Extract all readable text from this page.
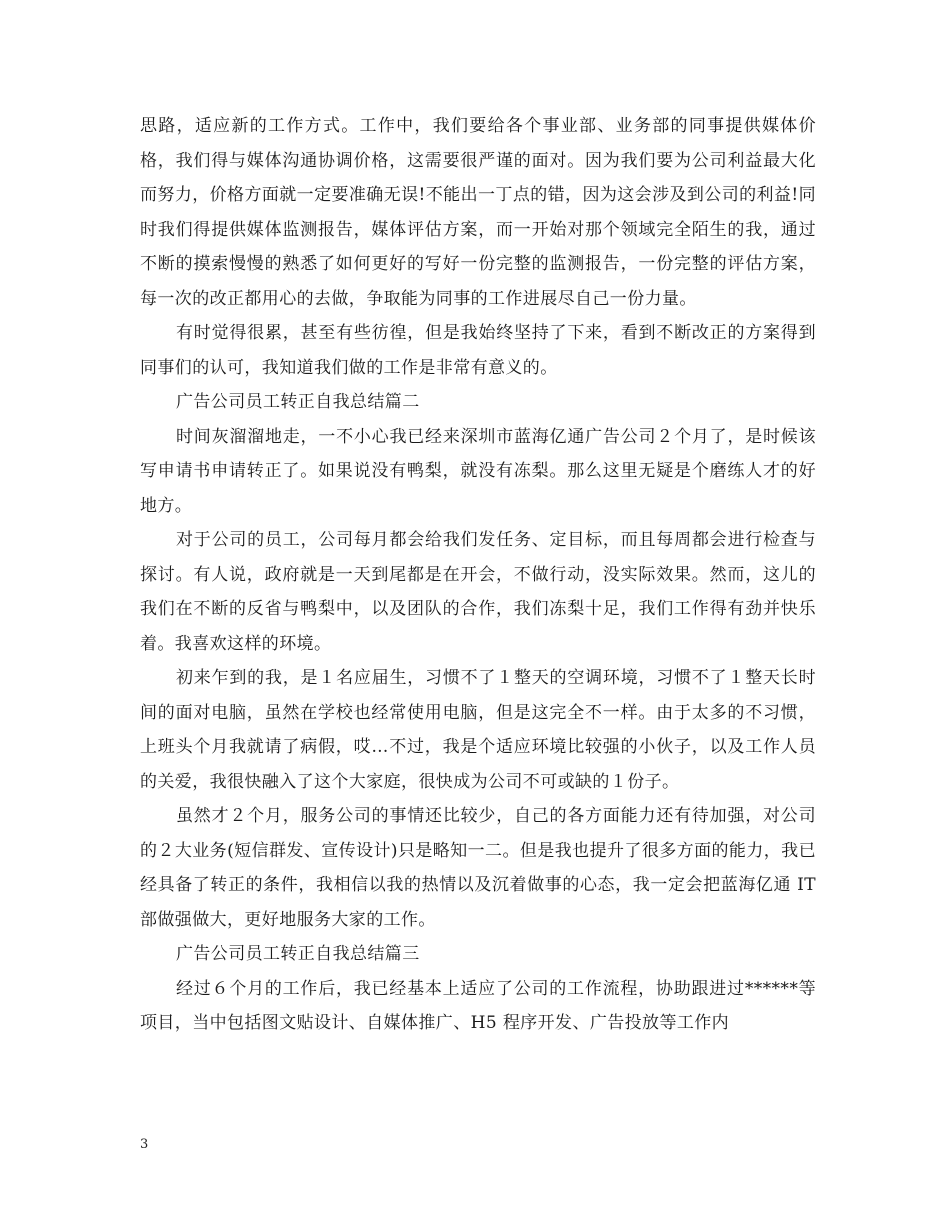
思路，适应新的工作方式。工作中，我们要给各个事业部、业务部的同事提供媒体价格，我们得与媒体沟通协调价格，这需要很严谨的面对。因为我们要为公司利益最大化而努力，价格方面就一定要准确无误!不能出一丁点的错，因为这会涉及到公司的利益!同时我们得提供媒体监测报告，媒体评估方案，而一开始对那个领域完全陌生的我，通过不断的摸索慢慢的熟悉了如何更好的写好一份完整的监测报告，一份完整的评估方案，每一次的改正都用心的去做，争取能为同事的工作进展尽自己一份力量。

有时觉得很累，甚至有些彷徨，但是我始终坚持了下来，看到不断改正的方案得到同事们的认可，我知道我们做的工作是非常有意义的。

广告公司员工转正自我总结篇二

时间灰溜溜地走，一不小心我已经来深圳市蓝海亿通广告公司２个月了，是时候该写申请书申请转正了。如果说没有鸭梨，就没有冻梨。那么这里无疑是个磨练人才的好地方。

对于公司的员工，公司每月都会给我们发任务、定目标，而且每周都会进行检查与探讨。有人说，政府就是一天到尾都是在开会，不做行动，没实际效果。然而，这儿的我们在不断的反省与鸭梨中，以及团队的合作，我们冻梨十足，我们工作得有劲并快乐着。我喜欢这样的环境。

初来乍到的我，是１名应届生，习惯不了１整天的空调环境，习惯不了１整天长时间的面对电脑，虽然在学校也经常使用电脑，但是这完全不一样。由于太多的不习惯，上班头个月我就请了病假，哎…不过，我是个适应环境比较强的小伙子，以及工作人员的关爱，我很快融入了这个大家庭，很快成为公司不可或缺的１份子。

虽然才２个月，服务公司的事情还比较少，自己的各方面能力还有待加强，对公司的２大业务(短信群发、宣传设计)只是略知一二。但是我也提升了很多方面的能力，我已经具备了转正的条件，我相信以我的热情以及沉着做事的心态，我一定会把蓝海亿通 IT 部做强做大，更好地服务大家的工作。

广告公司员工转正自我总结篇三

经过６个月的工作后，我已经基本上适应了公司的工作流程，协助跟进过******等项目，当中包括图文贴设计、自媒体推广、H5 程序开发、广告投放等工作内

3
